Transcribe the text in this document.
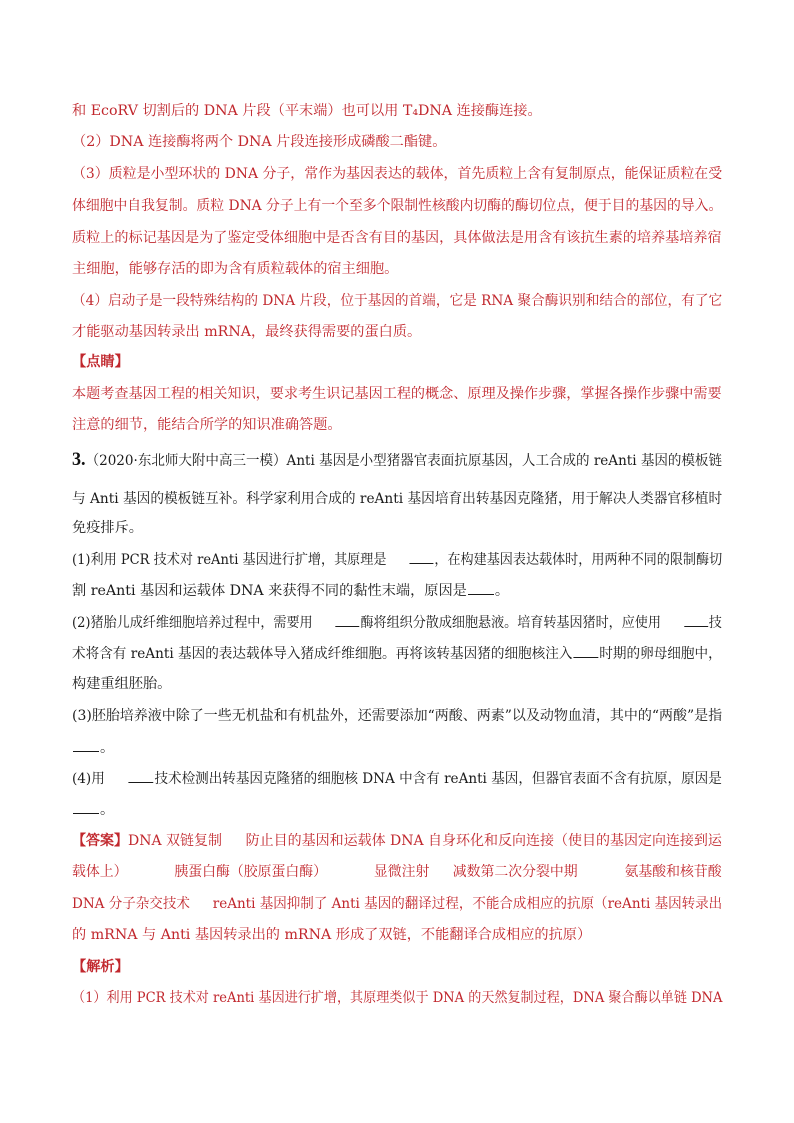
和 EcoRV 切割后的 DNA 片段（平末端）也可以用 T₄DNA 连接酶连接。
（2）DNA 连接酶将两个 DNA 片段连接形成磷酸二酯键。
（3）质粒是小型环状的 DNA 分子，常作为基因表达的载体，首先质粒上含有复制原点，能保证质粒在受
体细胞中自我复制。质粒 DNA 分子上有一个至多个限制性核酸内切酶的酶切位点，便于目的基因的导入。
质粒上的标记基因是为了鉴定受体细胞中是否含有目的基因，具体做法是用含有该抗生素的培养基培养宿
主细胞，能够存活的即为含有质粒载体的宿主细胞。
（4）启动子是一段特殊结构的 DNA 片段，位于基因的首端，它是 RNA 聚合酶识别和结合的部位，有了它
才能驱动基因转录出 mRNA，最终获得需要的蛋白质。
【点睛】
本题考查基因工程的相关知识，要求考生识记基因工程的概念、原理及操作步骤，掌握各操作步骤中需要
注意的细节，能结合所学的知识准确答题。
3.（2020·东北师大附中高三一模）Anti 基因是小型猪器官表面抗原基因，人工合成的 reAnti 基因的模板链
与 Anti 基因的模板链互补。科学家利用合成的 reAnti 基因培育出转基因克隆猪，用于解决人类器官移植时
免疫排斥。
(1)利用 PCR 技术对 reAnti 基因进行扩增，其原理是	，在构建基因表达载体时，用两种不同的限制酶切
割 reAnti 基因和运载体 DNA 来获得不同的黏性末端，原因是 。
(2)猪胎儿成纤维细胞培养过程中，需要用	酶将组织分散成细胞悬液。培育转基因猪时，应使用	技
术将含有 reAnti 基因的表达载体导入猪成纤维细胞。再将该转基因猪的细胞核注入 时期的卵母细胞中，
构建重组胚胎。
(3)胚胎培养液中除了一些无机盐和有机盐外，还需要添加“两酸、两素”以及动物血清，其中的“两酸”是指
。
(4)用	技术检测出转基因克隆猪的细胞核 DNA 中含有 reAnti 基因，但器官表面不含有抗原，原因是
。
【答案】DNA 双链复制 防止目的基因和运载体 DNA 自身环化和反向连接（使目的基因定向连接到运
载体上）	胰蛋白酶（胶原蛋白酶）	显微注射 减数第二次分裂中期	氨基酸和核苷酸
DNA 分子杂交技术 reAnti 基因抑制了 Anti 基因的翻译过程，不能合成相应的抗原（reAnti 基因转录出
的 mRNA 与 Anti 基因转录出的 mRNA 形成了双链，不能翻译合成相应的抗原）
【解析】
（1）利用 PCR 技术对 reAnti 基因进行扩增，其原理类似于 DNA 的天然复制过程，DNA 聚合酶以单链 DNA
